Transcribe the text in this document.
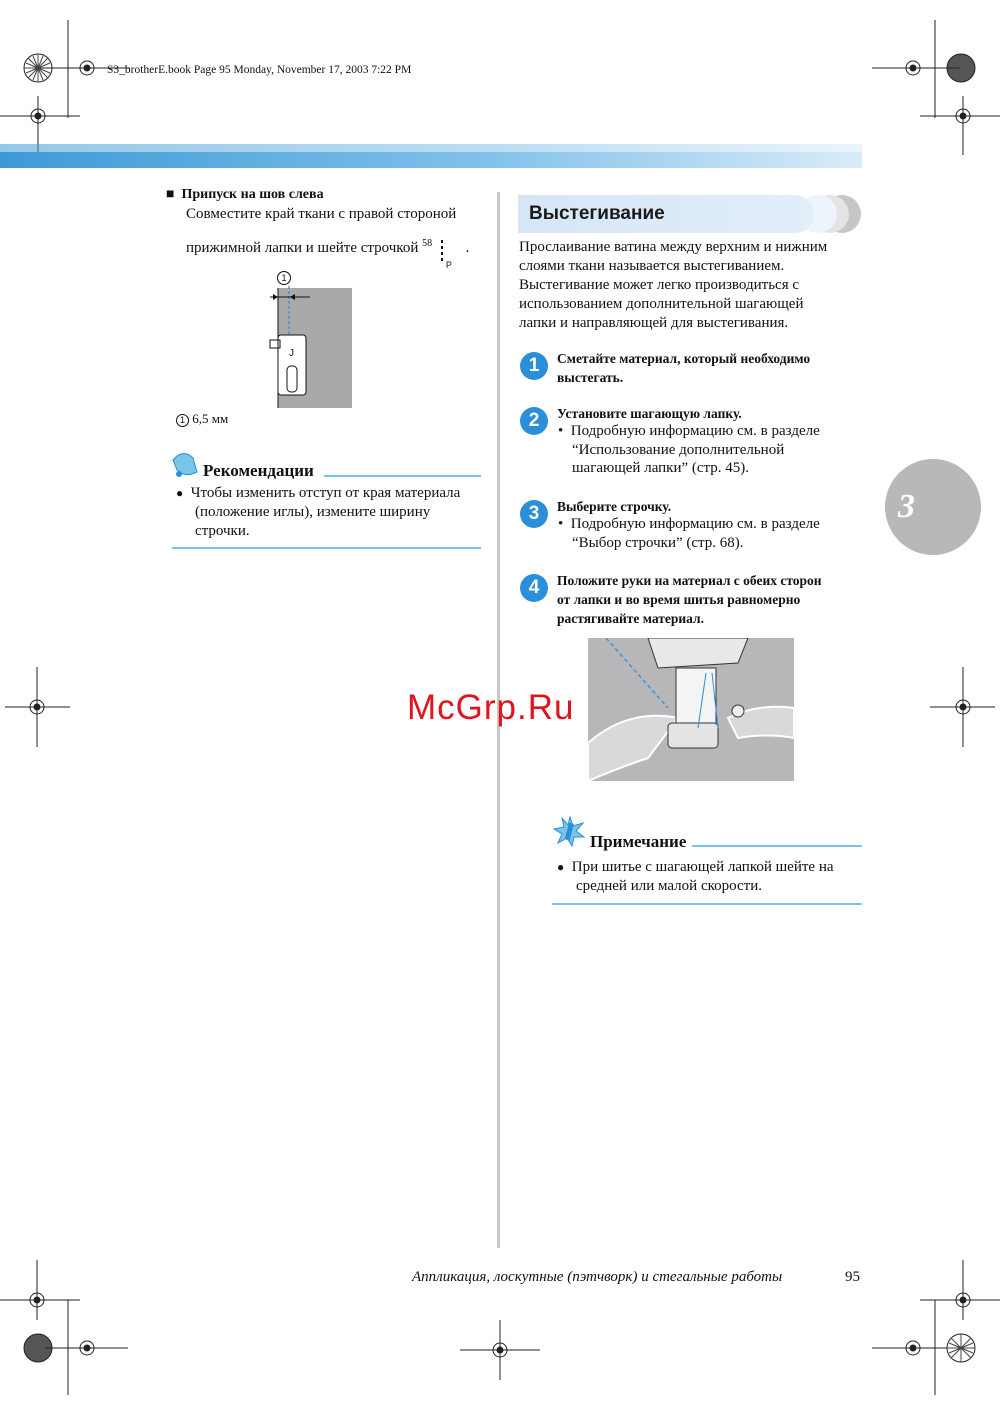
S3_brotherE.book Page 95 Monday, November 17, 2003 7:22 PM
■ Припуск на шов слева
Совместите край ткани с правой стороной
прижимной лапки и шейте строчкой $^{58}$
P
.
1
J
1 6,5 мм
Рекомендации
● Чтобы изменить отступ от края материала
(положение иглы), измените ширину
строчки.
Выстегивание
Прослаивание ватина между верхним и нижним
слоями ткани называется выстегиванием.
Выстегивание может легко производиться с
использованием дополнительной шагающей
лапки и направляющей для выстегивания.
1	Сметайте материал, который необходимо
выстегать.
2	Установите шагающую лапку.
• Подробную информацию см. в разделе
“Использование дополнительной
шагающей лапки” (стр. 45).
3	Выберите строчку.
• Подробную информацию см. в разделе
“Выбор строчки” (стр. 68).
4	Положите руки на материал с обеих сторон
от лапки и во время шитья равномерно
растягивайте материал.
McGrp.Ru
Примечание
● При шитье с шагающей лапкой шейте на
средней или малой скорости.
3
Аппликация, лоскутные (пэтчворк) и стегальные работы	95
